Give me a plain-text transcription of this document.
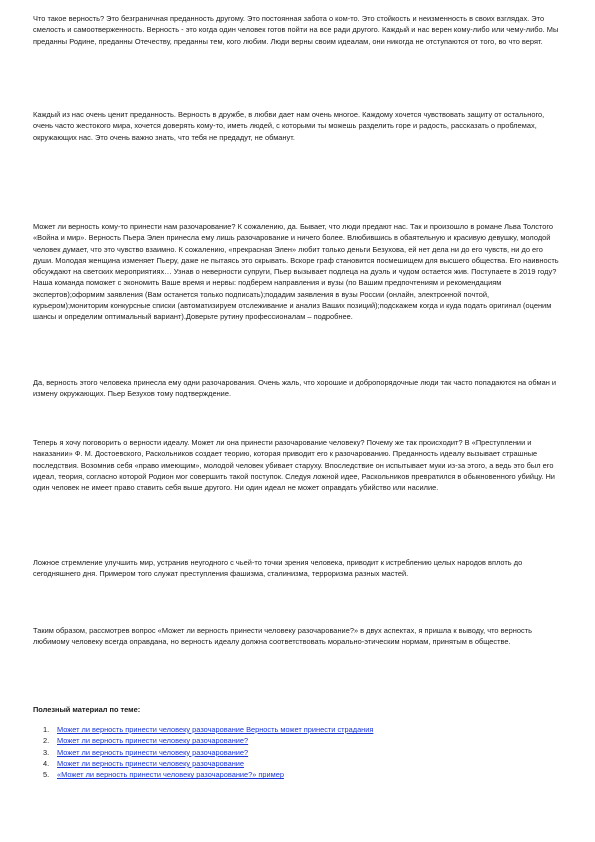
Что такое верность? Это безграничная преданность другому. Это постоянная забота о ком-то. Это стойкость и неизменность в своих взглядах. Это смелость и самоотверженность. Верность - это когда один человек готов пойти на все ради другого. Каждый и нас верен кому-либо или чему-либо. Мы преданны Родине, преданны Отечеству, преданны тем, кого любим. Люди верны своим идеалам, они никогда не отступаются от того, во что верят.

Каждый из нас очень ценит преданность. Верность в дружбе, в любви дает нам очень многое. Каждому хочется чувствовать защиту от остального, очень часто жестокого мира, хочется доверять кому-то, иметь людей, с которыми ты можешь разделить горе и радость, рассказать о проблемах, окружающих нас. Это очень важно знать, что тебя не предадут, не обманут.

Может ли верность кому-то принести нам разочарование? К сожалению, да. Бывает, что люди предают нас. Так и произошло в романе Льва Толстого «Война и мир». Верность Пьера Элен принесла ему лишь разочарование и ничего более. Влюбившись в обаятельную и красивую девушку, молодой человек думает, что это чувство взаимно. К сожалению, «прекрасная Элен» любит только деньги Безухова, ей нет дела ни до его чувств, ни до его души. Молодая женщина изменяет Пьеру, даже не пытаясь это скрывать. Вскоре граф становится посмешищем для высшего общества. Его наивность обсуждают на светских мероприятиях… Узнав о неверности супруги, Пьер вызывает подлеца на дуэль и чудом остается жив. Поступаете в 2019 году? Наша команда поможет с экономить Ваше время и нервы: подберем направления и вузы (по Вашим предпочтениям и рекомендациям экспертов);оформим заявления (Вам останется только подписать);подадим заявления в вузы России (онлайн, электронной почтой, курьером);мониторим конкурсные списки (автоматизируем отслеживание и анализ Ваших позиций);подскажем когда и куда подать оригинал (оценим шансы и определим оптимальный вариант).Доверьте рутину профессионалам – подробнее.

Да, верность этого человека принесла ему одни разочарования. Очень жаль, что хорошие и добропорядочные люди так часто попадаются на обман и измену окружающих. Пьер Безухов тому подтверждение.

Теперь я хочу поговорить о верности идеалу. Может ли она принести разочарование человеку? Почему же так происходит? В «Преступлении и наказании» Ф. М. Достоевского, Раскольников создает теорию, которая приводит его к разочарованию. Преданность идеалу вызывает страшные последствия. Возомнив себя «право имеющим», молодой человек убивает старуху. Впоследствие он испытывает муки из-за этого, а ведь это был его идеал, теория, согласно которой Родион мог совершить такой поступок. Следуя ложной идее, Раскольников превратился в обыкновенного убийцу. Ни один человек не имеет право ставить себя выше другого. Ни один идеал не может оправдать убийство или насилие.

Ложное стремление улучшить мир, устранив неугодного с чьей-то точки зрения человека, приводит к истреблению целых народов вплоть до сегодняшнего дня. Примером того служат преступления фашизма, сталинизма, терроризма разных мастей.

Таким образом, рассмотрев вопрос «Может ли верность принести человеку разочарование?» в двух аспектах, я пришла к выводу, что верность любимому человеку всегда оправдана, но верность идеалу должна соответствовать морально-этическим нормам, принятым в обществе.

Полезный материал по теме:

1. Может ли верность принести человеку разочарование Верность может принести страдания
2. Может ли верность принести человеку разочарование?
3. Может ли верность принести человеку разочарование?
4. Может ли верность принести человеку разочарование
5. «Может ли верность принести человеку разочарование?» пример
